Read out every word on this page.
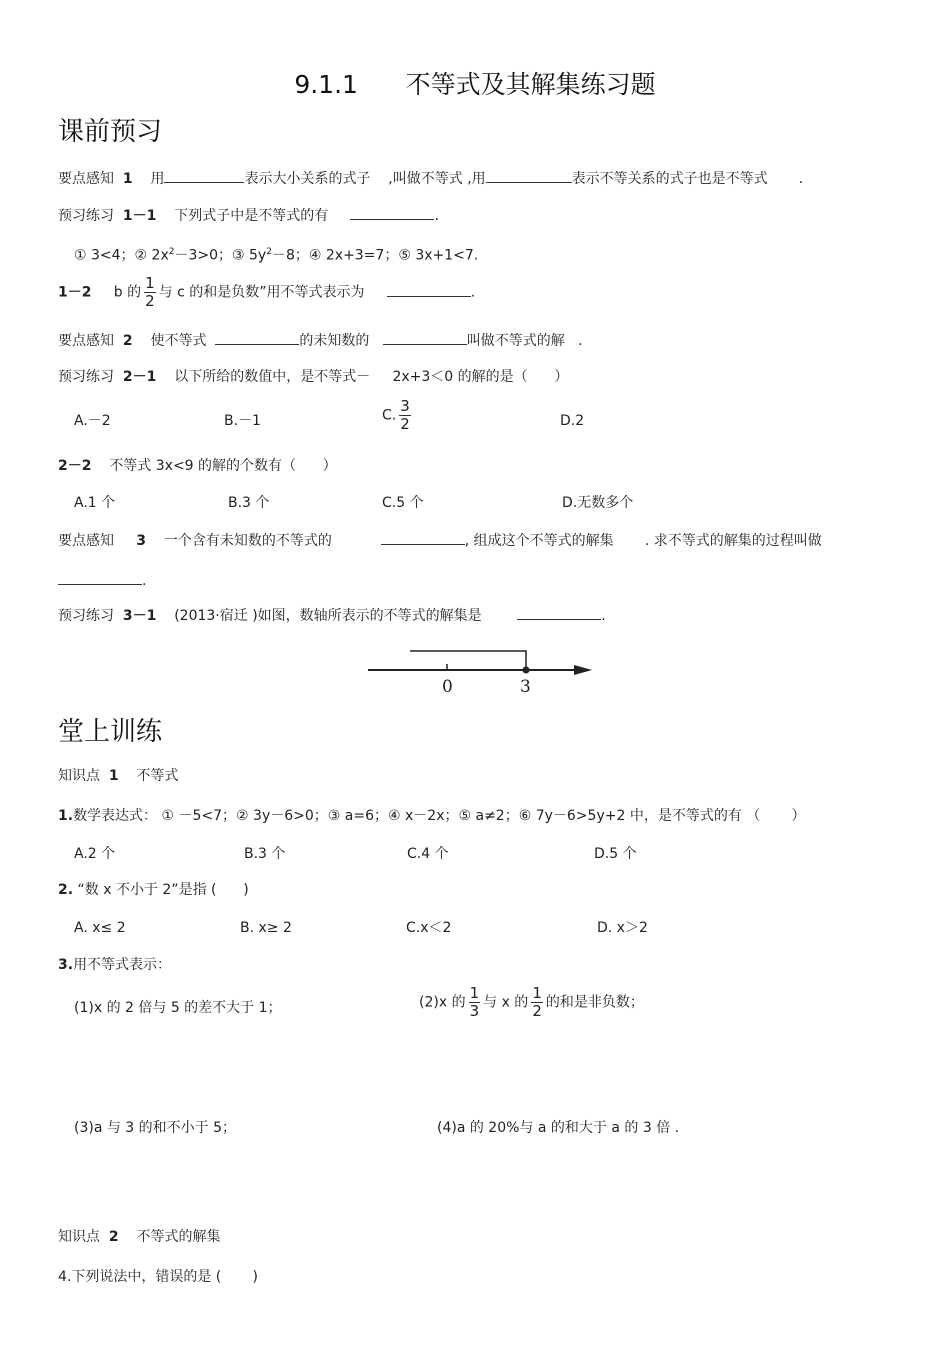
9.1.1 不等式及其解集练习题
课前预习
要点感知 1 用	表示大小关系的式子 ,叫做不等式 ,用	表示不等关系的式子也是不等式 .
预习练习 1－1 下列式子中是不等式的有	.
① 3<4；② $2x^2-3>0$；③ $5y^2-8$；④ 2x+3=7；⑤ 3x+1<7.
1－2 b 的 $\frac{1}{2}$ 与 c 的和是负数”用不等式表示为	.
要点感知 2 使不等式	的未知数的	叫做不等式的解 .
预习练习 2－1 以下所给的数值中，是不等式－ 2x+3＜0 的解的是（ ）
A.－2	B.－1	C. $\frac{3}{2}$	D.2
2－2 不等式 3x<9 的解的个数有（ ）
A.1 个	B.3 个	C.5 个	D.无数多个
要点感知 3 一个含有未知数的不等式的	, 组成这个不等式的解集 . 求不等式的解集的过程叫做
.
预习练习 3－1 (2013·宿迁 )如图，数轴所表示的不等式的解集是	.
0	3
堂上训练
知识点 1 不等式
1.数学表达式： ① －5<7；② 3y－6>0；③ a=6；④ x－2x；⑤ a≠2；⑥ 7y－6>5y+2 中，是不等式的有 （ ）
A.2 个	B.3 个	C.4 个	D.5 个
2. “数 x 不小于 2”是指 ( )
A. x≤ 2	B. x≥ 2	C.x＜2	D. x＞2
3.用不等式表示：
(1)x 的 2 倍与 5 的差不大于 1；	(2)x 的 $\frac{1}{3}$ 与 x 的 $\frac{1}{2}$ 的和是非负数；
(3)a 与 3 的和不小于 5；	(4)a 的 20%与 a 的和大于 a 的 3 倍 .
知识点 2 不等式的解集
4.下列说法中，错误的是 ( )
